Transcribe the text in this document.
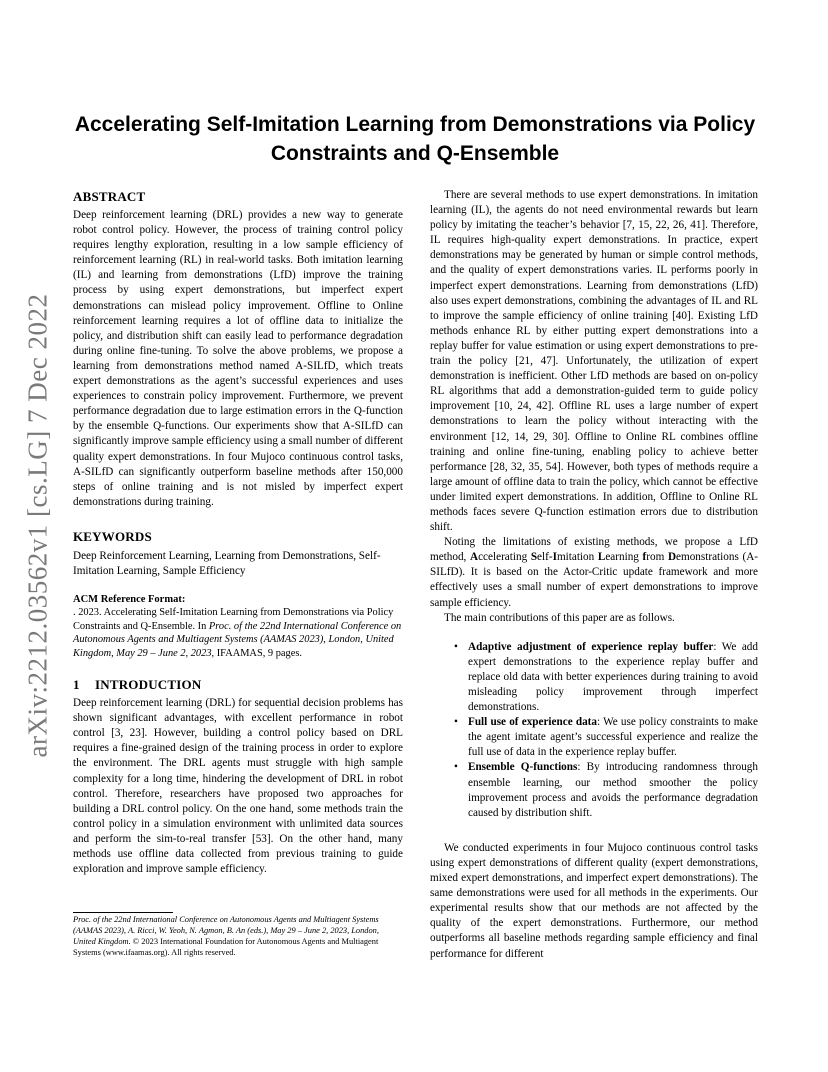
arXiv:2212.03562v1 [cs.LG] 7 Dec 2022
Accelerating Self-Imitation Learning from Demonstrations via Policy Constraints and Q-Ensemble
ABSTRACT

Deep reinforcement learning (DRL) provides a new way to generate robot control policy. However, the process of training control policy requires lengthy exploration, resulting in a low sample efficiency of reinforcement learning (RL) in real-world tasks. Both imitation learning (IL) and learning from demonstrations (LfD) improve the training process by using expert demonstrations, but imperfect expert demonstrations can mislead policy improvement. Offline to Online reinforcement learning requires a lot of offline data to initialize the policy, and distribution shift can easily lead to performance degradation during online fine-tuning. To solve the above problems, we propose a learning from demonstrations method named A-SILfD, which treats expert demonstrations as the agent’s successful experiences and uses experiences to constrain policy improvement. Furthermore, we prevent performance degradation due to large estimation errors in the Q-function by the ensemble Q-functions. Our experiments show that A-SILfD can significantly improve sample efficiency using a small number of different quality expert demonstrations. In four Mujoco continuous control tasks, A-SILfD can significantly outperform baseline methods after 150,000 steps of online training and is not misled by imperfect expert demonstrations during training.

KEYWORDS

Deep Reinforcement Learning, Learning from Demonstrations, Self-Imitation Learning, Sample Efficiency

ACM Reference Format:

. 2023. Accelerating Self-Imitation Learning from Demonstrations via Policy Constraints and Q-Ensemble. In Proc. of the 22nd International Conference on Autonomous Agents and Multiagent Systems (AAMAS 2023), London, United Kingdom, May 29 – June 2, 2023, IFAAMAS, 9 pages.

1 INTRODUCTION

Deep reinforcement learning (DRL) for sequential decision problems has shown significant advantages, with excellent performance in robot control [3, 23]. However, building a control policy based on DRL requires a fine-grained design of the training process in order to explore the environment. The DRL agents must struggle with high sample complexity for a long time, hindering the development of DRL in robot control. Therefore, researchers have proposed two approaches for building a DRL control policy. On the one hand, some methods train the control policy in a simulation environment with unlimited data sources and perform the sim-to-real transfer [53]. On the other hand, many methods use offline data collected from previous training to guide exploration and improve sample efficiency.

Proc. of the 22nd International Conference on Autonomous Agents and Multiagent Systems (AAMAS 2023), A. Ricci, W. Yeoh, N. Agmon, B. An (eds.), May 29 – June 2, 2023, London, United Kingdom. © 2023 International Foundation for Autonomous Agents and Multiagent Systems (www.ifaamas.org). All rights reserved.

There are several methods to use expert demonstrations. In imitation learning (IL), the agents do not need environmental rewards but learn policy by imitating the teacher’s behavior [7, 15, 22, 26, 41]. Therefore, IL requires high-quality expert demonstrations. In practice, expert demonstrations may be generated by human or simple control methods, and the quality of expert demonstrations varies. IL performs poorly in imperfect expert demonstrations. Learning from demonstrations (LfD) also uses expert demonstrations, combining the advantages of IL and RL to improve the sample efficiency of online training [40]. Existing LfD methods enhance RL by either putting expert demonstrations into a replay buffer for value estimation or using expert demonstrations to pre-train the policy [21, 47]. Unfortunately, the utilization of expert demonstration is inefficient. Other LfD methods are based on on-policy RL algorithms that add a demonstration-guided term to guide policy improvement [10, 24, 42]. Offline RL uses a large number of expert demonstrations to learn the policy without interacting with the environment [12, 14, 29, 30]. Offline to Online RL combines offline training and online fine-tuning, enabling policy to achieve better performance [28, 32, 35, 54]. However, both types of methods require a large amount of offline data to train the policy, which cannot be effective under limited expert demonstrations. In addition, Offline to Online RL methods faces severe Q-function estimation errors due to distribution shift.

Noting the limitations of existing methods, we propose a LfD method, Accelerating Self-Imitation Learning from Demonstrations (A-SILfD). It is based on the Actor-Critic update framework and more effectively uses a small number of expert demonstrations to improve sample efficiency.

The main contributions of this paper are as follows.

• Adaptive adjustment of experience replay buffer: We add expert demonstrations to the experience replay buffer and replace old data with better experiences during training to avoid misleading policy improvement through imperfect demonstrations.
• Full use of experience data: We use policy constraints to make the agent imitate agent’s successful experience and realize the full use of data in the experience replay buffer.
• Ensemble Q-functions: By introducing randomness through ensemble learning, our method smoother the policy improvement process and avoids the performance degradation caused by distribution shift.

We conducted experiments in four Mujoco continuous control tasks using expert demonstrations of different quality (expert demonstrations, mixed expert demonstrations, and imperfect expert demonstrations). The same demonstrations were used for all methods in the experiments. Our experimental results show that our methods are not affected by the quality of the expert demonstrations. Furthermore, our method outperforms all baseline methods regarding sample efficiency and final performance for different
